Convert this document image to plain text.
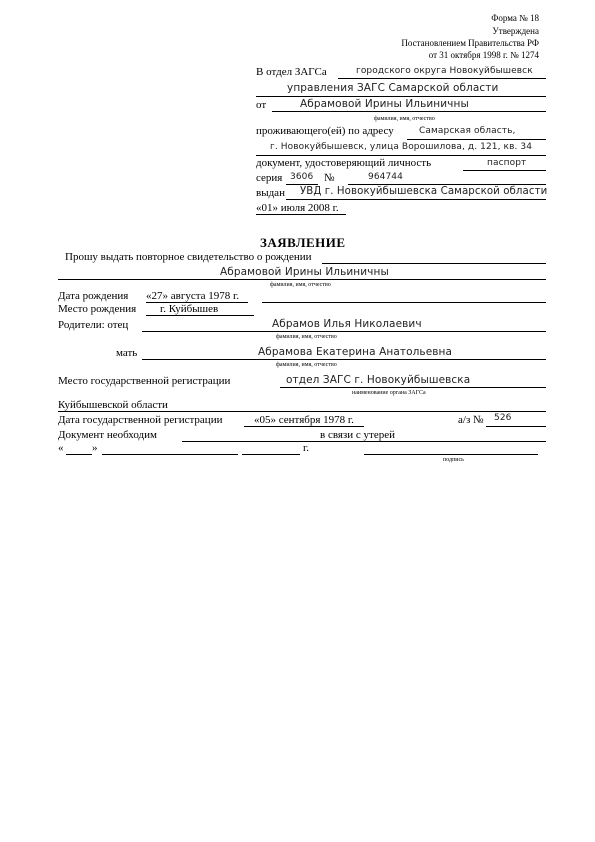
Форма № 18
Утверждена
Постановлением Правительства РФ
от 31 октября 1998 г. № 1274
В отдел ЗАГСа	городского округа Новокуйбышевск
управления ЗАГС Самарской области
от	Абрамовой Ирины Ильиничны
фамилия, имя, отчество
проживающего(ей) по адресу	Самарская область,
г. Новокуйбышевск, улица Ворошилова, д. 121, кв. 34
документ, удостоверяющий личность	паспорт
серия 3606 №	964744
выдан УВД г. Новокуйбышевска Самарской области
«01» июля 2008 г.
ЗАЯВЛЕНИЕ
Прошу выдать повторное свидетельство о рождении
Абрамовой Ирины Ильиничны
фамилия, имя, отчество
Дата рождения «27» августа 1978 г.
Место рождения г. Куйбышев
Родители: отец	Абрамов Илья Николаевич
фамилия, имя, отчество
мать	Абрамова Екатерина Анатольевна
фамилия, имя, отчество
Место государственной регистрации	отдел ЗАГС г. Новокуйбышевска
наименование органа ЗАГСа
Куйбышевской области
Дата государственной регистрации	«05» сентября 1978 г.	а/з № 526
Документ необходим	в связи с утерей
«	»	г.
подпись
